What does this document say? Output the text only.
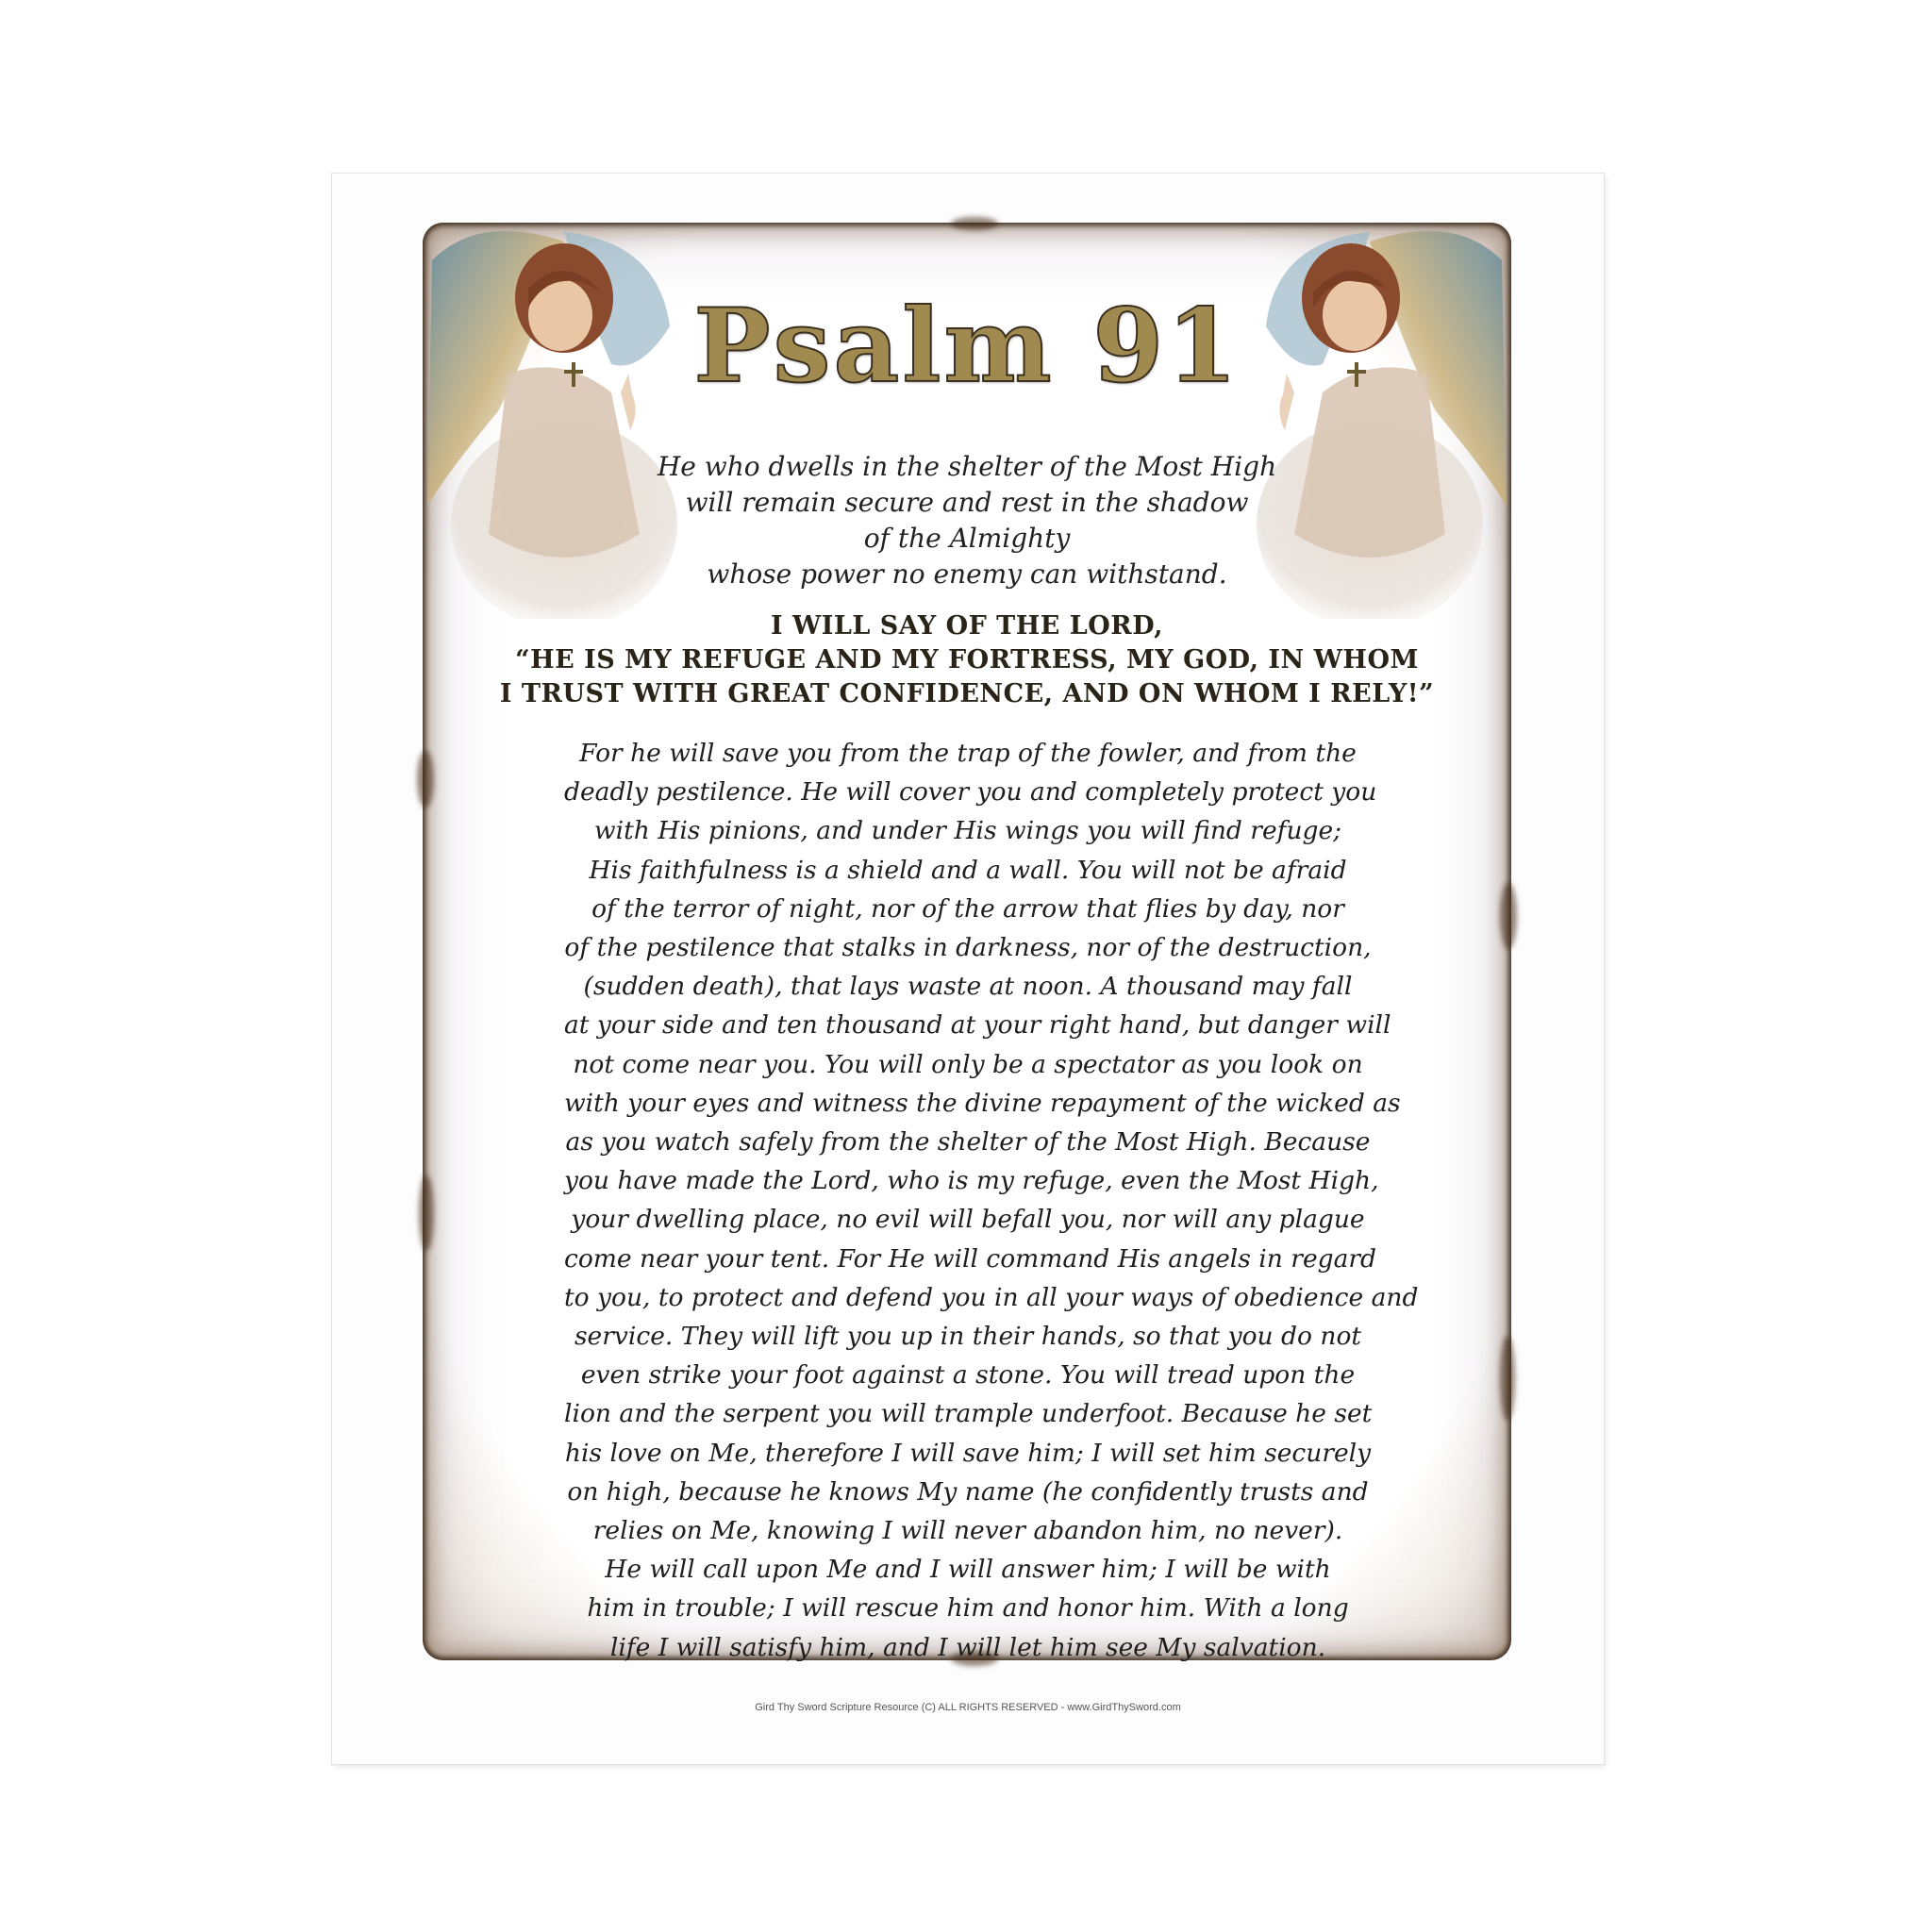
Psalm 91
He who dwells in the shelter of the Most High
will remain secure and rest in the shadow
of the Almighty
whose power no enemy can withstand.
I WILL SAY OF THE LORD,
“HE IS MY REFUGE AND MY FORTRESS, MY GOD, IN WHOM
I TRUST WITH GREAT CONFIDENCE, AND ON WHOM I RELY!”
For he will save you from the trap of the fowler, and from the
deadly pestilence. He will cover you and completely protect you
with His pinions, and under His wings you will find refuge;
His faithfulness is a shield and a wall. You will not be afraid
of the terror of night, nor of the arrow that flies by day, nor
of the pestilence that stalks in darkness, nor of the destruction,
(sudden death), that lays waste at noon. A thousand may fall
at your side and ten thousand at your right hand, but danger will
not come near you. You will only be a spectator as you look on
with your eyes and witness the divine repayment of the wicked as
as you watch safely from the shelter of the Most High. Because
you have made the Lord, who is my refuge, even the Most High,
your dwelling place, no evil will befall you, nor will any plague
come near your tent. For He will command His angels in regard
to you, to protect and defend you in all your ways of obedience and
service. They will lift you up in their hands, so that you do not
even strike your foot against a stone. You will tread upon the
lion and the serpent you will trample underfoot. Because he set
his love on Me, therefore I will save him; I will set him securely
on high, because he knows My name (he confidently trusts and
relies on Me, knowing I will never abandon him, no never).
He will call upon Me and I will answer him; I will be with
him in trouble; I will rescue him and honor him. With a long
life I will satisfy him, and I will let him see My salvation.
Gird Thy Sword Scripture Resource (C) ALL RIGHTS RESERVED - www.GirdThySword.com
